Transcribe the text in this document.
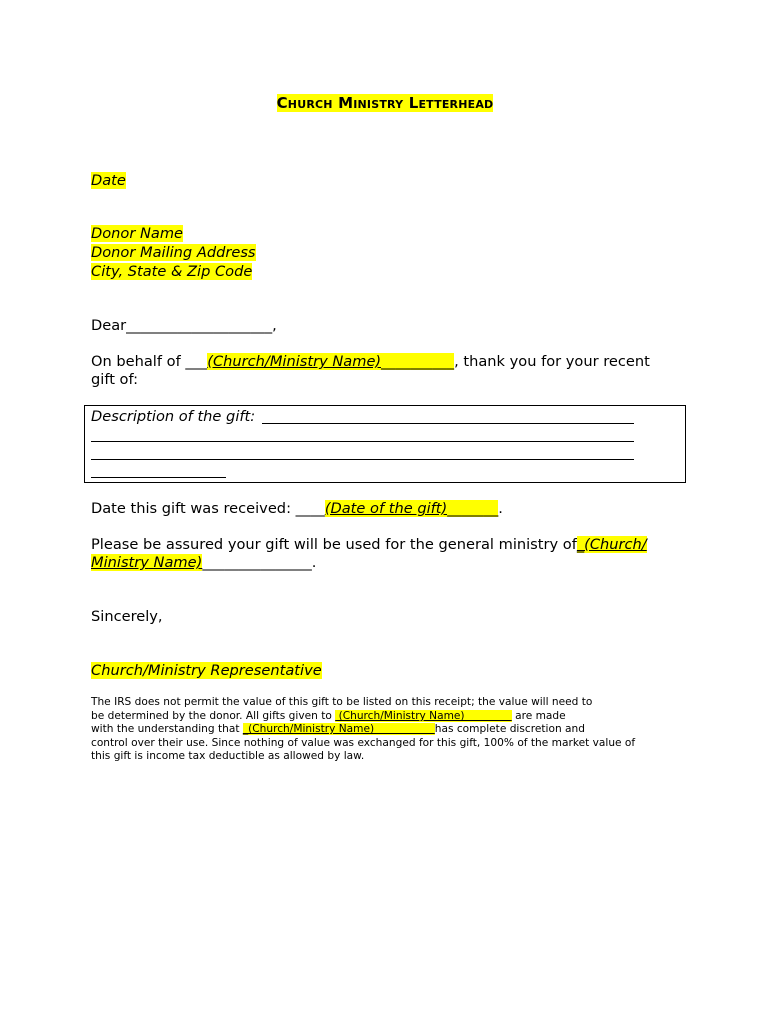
Church Ministry Letterhead
Date
Donor Name
Donor Mailing Address
City, State & Zip Code
Dear____________________,
On behalf of ___(Church/Ministry Name)__________, thank you for your recent
gift of:
Description of the gift:
Date this gift was received: ____(Date of the gift)_______.
Please be assured your gift will be used for the general ministry of_(Church/
Ministry Name)_______________.
Sincerely,
Church/Ministry Representative
The IRS does not permit the value of this gift to be listed on this receipt; the value will need to
be determined by the donor. All gifts given to  (Church/Ministry Name)               are made
with the understanding that _(Church/Ministry Name)                  has complete discretion and
control over their use. Since nothing of value was exchanged for this gift, 100% of the market value of
this gift is income tax deductible as allowed by law.
